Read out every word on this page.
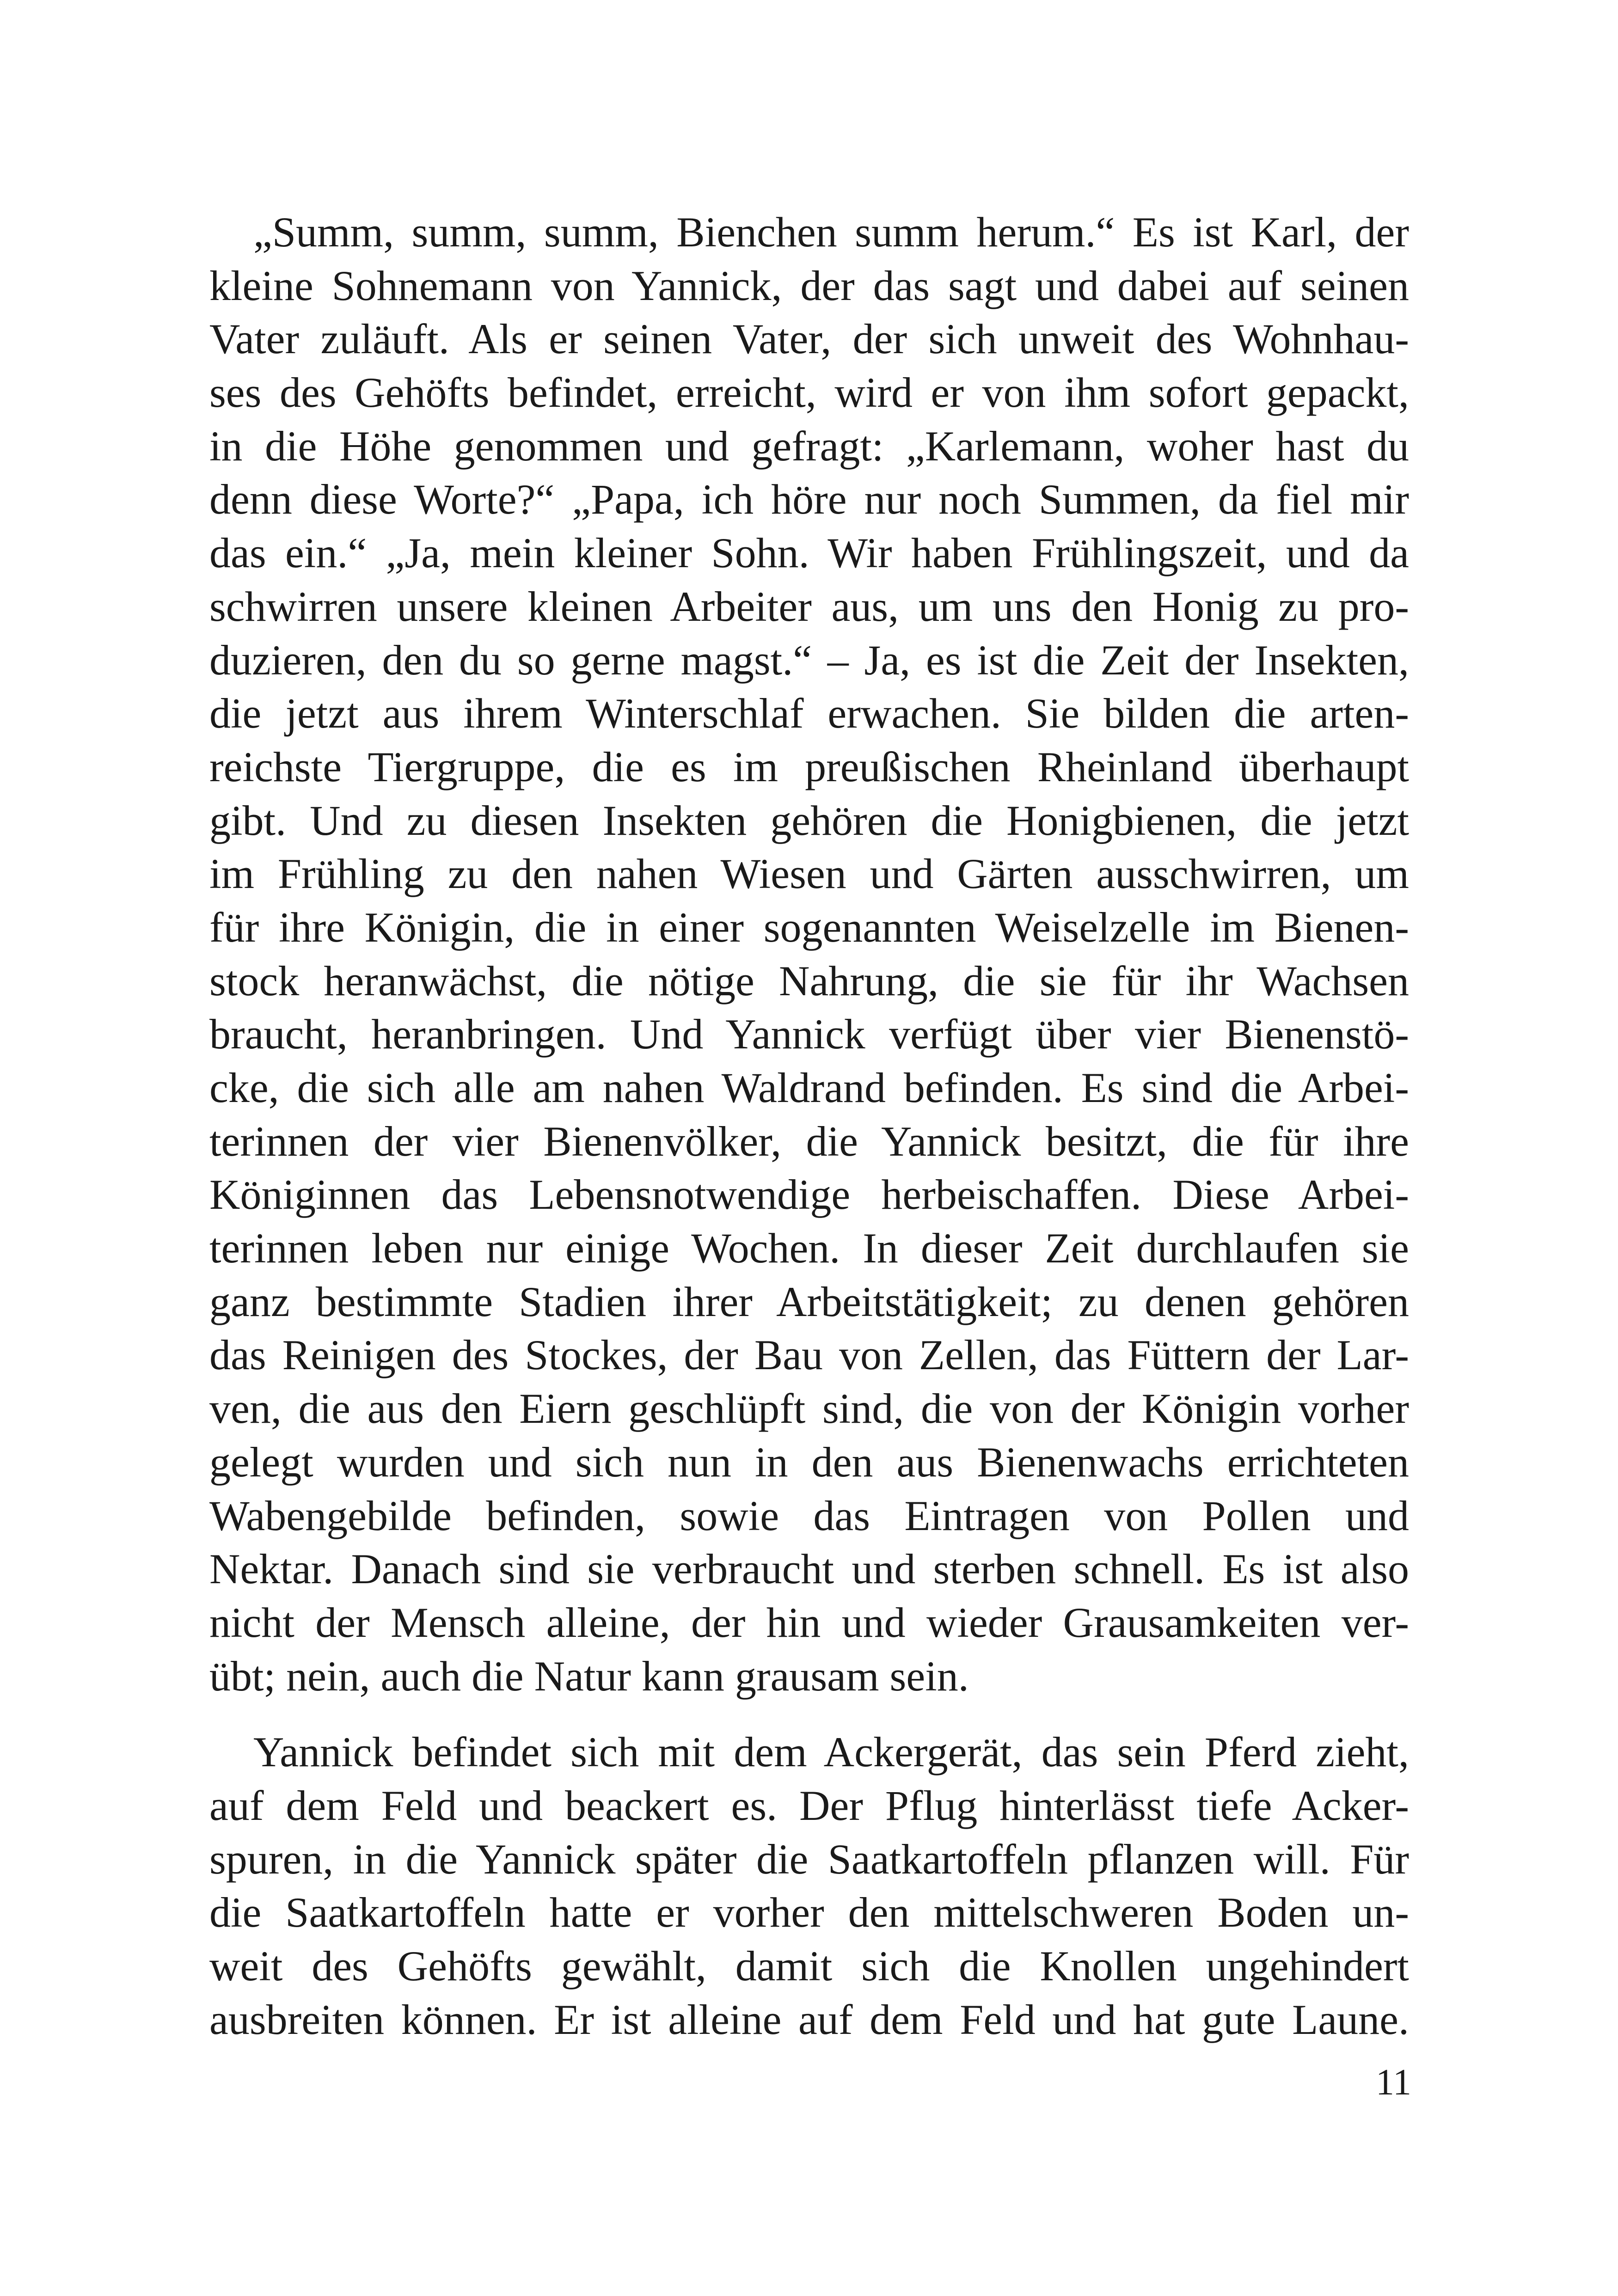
„Summ, summ, summ, Bienchen summ herum.“ Es ist Karl, der
kleine Sohnemann von Yannick, der das sagt und dabei auf seinen
Vater zuläuft. Als er seinen Vater, der sich unweit des Wohnhau-
ses des Gehöfts befindet, erreicht, wird er von ihm sofort gepackt,
in die Höhe genommen und gefragt: „Karlemann, woher hast du
denn diese Worte?“ „Papa, ich höre nur noch Summen, da fiel mir
das ein.“ „Ja, mein kleiner Sohn. Wir haben Frühlingszeit, und da
schwirren unsere kleinen Arbeiter aus, um uns den Honig zu pro-
duzieren, den du so gerne magst.“ – Ja, es ist die Zeit der Insekten,
die jetzt aus ihrem Winterschlaf erwachen. Sie bilden die arten-
reichste Tiergruppe, die es im preußischen Rheinland überhaupt
gibt. Und zu diesen Insekten gehören die Honigbienen, die jetzt
im Frühling zu den nahen Wiesen und Gärten ausschwirren, um
für ihre Königin, die in einer sogenannten Weiselzelle im Bienen-
stock heranwächst, die nötige Nahrung, die sie für ihr Wachsen
braucht, heranbringen. Und Yannick verfügt über vier Bienenstö-
cke, die sich alle am nahen Waldrand befinden. Es sind die Arbei-
terinnen der vier Bienenvölker, die Yannick besitzt, die für ihre
Königinnen das Lebensnotwendige herbeischaffen. Diese Arbei-
terinnen leben nur einige Wochen. In dieser Zeit durchlaufen sie
ganz bestimmte Stadien ihrer Arbeitstätigkeit; zu denen gehören
das Reinigen des Stockes, der Bau von Zellen, das Füttern der Lar-
ven, die aus den Eiern geschlüpft sind, die von der Königin vorher
gelegt wurden und sich nun in den aus Bienenwachs errichteten
Wabengebilde befinden, sowie das Eintragen von Pollen und
Nektar. Danach sind sie verbraucht und sterben schnell. Es ist also
nicht der Mensch alleine, der hin und wieder Grausamkeiten ver-
übt; nein, auch die Natur kann grausam sein.
Yannick befindet sich mit dem Ackergerät, das sein Pferd zieht,
auf dem Feld und beackert es. Der Pflug hinterlässt tiefe Acker-
spuren, in die Yannick später die Saatkartoffeln pflanzen will. Für
die Saatkartoffeln hatte er vorher den mittelschweren Boden un-
weit des Gehöfts gewählt, damit sich die Knollen ungehindert
ausbreiten können. Er ist alleine auf dem Feld und hat gute Laune.
11
